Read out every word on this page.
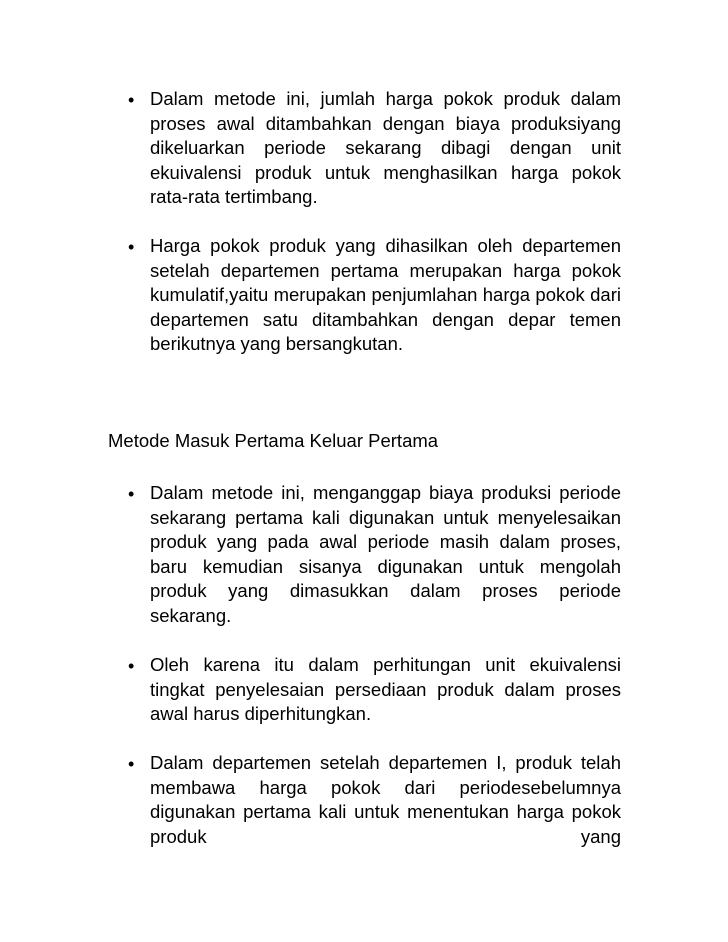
• Dalam metode ini, jumlah harga pokok produk dalam proses awal ditambahkan dengan biaya produksiyang dikeluarkan periode sekarang dibagi dengan unit ekuivalensi produk untuk menghasilkan harga pokok rata-rata tertimbang.
• Harga pokok produk yang dihasilkan oleh departemen setelah departemen pertama merupakan harga pokok kumulatif,yaitu merupakan penjumlahan harga pokok dari departemen satu ditambahkan dengan depar temen berikutnya yang bersangkutan.
Metode Masuk Pertama Keluar Pertama
• Dalam metode ini, menganggap biaya produksi periode sekarang pertama kali digunakan untuk menyelesaikan produk yang pada awal periode masih dalam proses, baru kemudian sisanya digunakan untuk mengolah produk yang dimasukkan dalam proses periode sekarang.
• Oleh karena itu dalam perhitungan unit ekuivalensi tingkat penyelesaian persediaan produk dalam proses awal harus diperhitungkan.
• Dalam departemen setelah departemen I, produk telah membawa harga pokok dari periodesebelumnya digunakan pertama kali untuk menentukan harga pokok produk yang
